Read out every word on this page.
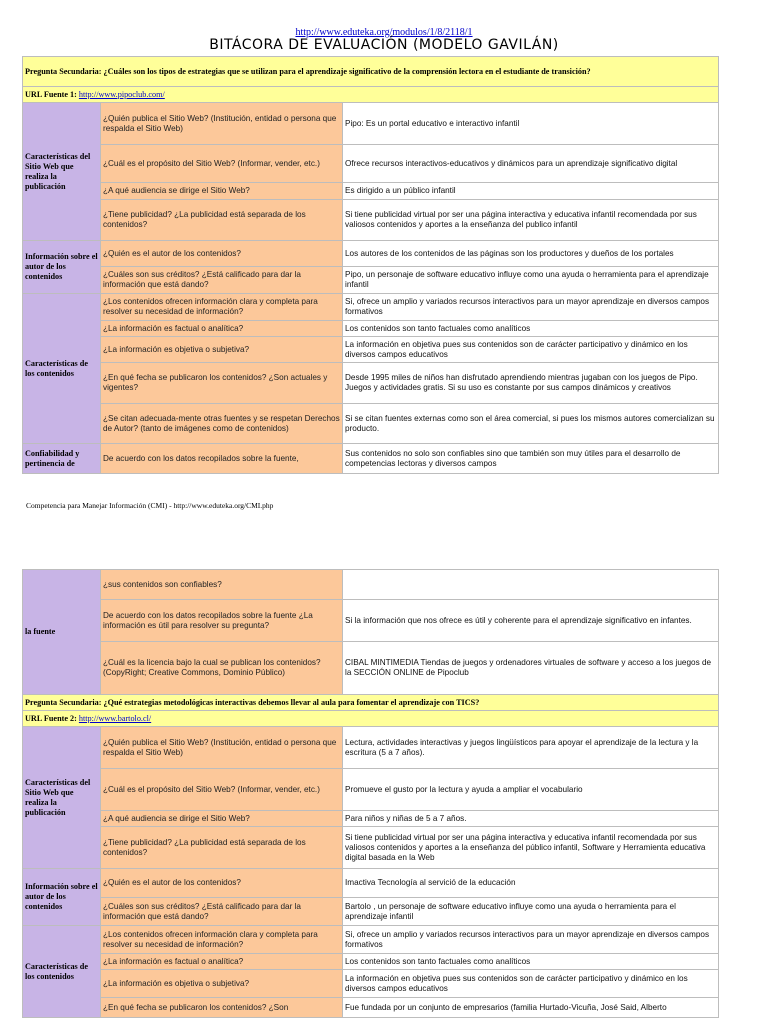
http://www.eduteka.org/modulos/1/8/2118/1
BITÁCORA DE EVALUACIÓN (MODELO GAVILÁN)
Pregunta Secundaria: ¿Cuáles son los tipos de estrategias que se utilizan para el aprendizaje significativo de la comprensión lectora en el estudiante de transición?		
URL Fuente 1: http://www.pipoclub.com/		
Características del Sitio Web que realiza la publicación	¿Quién publica el Sitio Web? (Institución, entidad o persona que respalda el Sitio Web)	Pipo: Es un portal educativo e interactivo infantil
	¿Cuál es el propósito del Sitio Web? (Informar, vender, etc.)	Ofrece recursos interactivos-educativos y dinámicos para un aprendizaje significativo digital
	¿A qué audiencia se dirige el Sitio Web?	Es dirigido a un público infantil
	¿Tiene publicidad? ¿La publicidad está separada de los contenidos?	Si tiene publicidad virtual por ser una página interactiva y educativa infantil recomendada por sus valiosos contenidos y aportes a la enseñanza del publico infantil
Información sobre el autor de los contenidos	¿Quién es el autor de los contenidos?	Los autores de los contenidos de las páginas son los productores y dueños de los portales
	¿Cuáles son sus créditos? ¿Está calificado para dar la información que está dando?	Pipo, un personaje de software educativo influye como una ayuda o herramienta para el aprendizaje infantil
Características de los contenidos	¿Los contenidos ofrecen información clara y completa para resolver su necesidad de información?	Si, ofrece un amplio y variados recursos interactivos para un mayor aprendizaje en diversos campos formativos
	¿La información es factual o analítica?	Los contenidos son tanto factuales como analíticos
	¿La información es objetiva o subjetiva?	La información en objetiva pues sus contenidos son de carácter participativo y dinámico en los diversos campos educativos
	¿En qué fecha se publicaron los contenidos? ¿Son actuales y vigentes?	Desde 1995 miles de niños han disfrutado aprendiendo mientras jugaban con los juegos de Pipo. Juegos y actividades gratis. Si su uso es constante por sus campos dinámicos y creativos
	¿Se citan adecuada-mente otras fuentes y se respetan Derechos de Autor? (tanto de imágenes como de contenidos)	Si se citan fuentes externas como son el área comercial, si pues los mismos autores comercializan su producto.
Confiabilidad y pertinencia de	De acuerdo con los datos recopilados sobre la fuente,	Sus contenidos no solo son confiables sino que también son muy útiles para el desarrollo de competencias lectoras y diversos campos
Competencia para Manejar Información (CMI) - http://www.eduteka.org/CMI.php
la fuente	¿sus contenidos son confiables?	
	De acuerdo con los datos recopilados sobre la fuente ¿La información es útil para resolver su pregunta?	Si la información que nos ofrece es útil y coherente para el aprendizaje significativo en infantes.
	¿Cuál es la licencia bajo la cual se publican los contenidos? (CopyRight; Creative Commons, Dominio Público)	CIBAL MINTIMEDIA Tiendas de juegos y ordenadores virtuales de software y acceso a los juegos de la SECCIÓN ONLINE de Pipoclub
Pregunta Secundaria: ¿Qué estrategias metodológicas interactivas debemos llevar al aula para fomentar el aprendizaje con TICS?		
URL Fuente 2: http://www.bartolo.cl/		
Características del Sitio Web que realiza la publicación	¿Quién publica el Sitio Web? (Institución, entidad o persona que respalda el Sitio Web)	Lectura, actividades interactivas y juegos lingüísticos para apoyar el aprendizaje de la lectura y la escritura (5 a 7 años).
	¿Cuál es el propósito del Sitio Web? (Informar, vender, etc.)	Promueve el gusto por la lectura y ayuda a ampliar el vocabulario
	¿A qué audiencia se dirige el Sitio Web?	Para niños y niñas de 5 a 7 años.
	¿Tiene publicidad? ¿La publicidad está separada de los contenidos?	Si tiene publicidad virtual por ser una página interactiva y educativa infantil recomendada por sus valiosos contenidos y aportes a la enseñanza del público infantil, Software y Herramienta educativa digital basada en la Web
Información sobre el autor de los contenidos	¿Quién es el autor de los contenidos?	Imactiva Tecnología al servició de la educación
	¿Cuáles son sus créditos? ¿Está calificado para dar la información que está dando?	Bartolo , un personaje de software educativo influye como una ayuda o herramienta para el aprendizaje infantil
Características de los contenidos	¿Los contenidos ofrecen información clara y completa para resolver su necesidad de información?	Si, ofrece un amplio y variados recursos interactivos para un mayor aprendizaje en diversos campos formativos
	¿La información es factual o analítica?	Los contenidos son tanto factuales como analíticos
	¿La información es objetiva o subjetiva?	La información en objetiva pues sus contenidos son de carácter participativo y dinámico en los diversos campos educativos
	¿En qué fecha se publicaron los contenidos? ¿Son	Fue fundada por un conjunto de empresarios (familia Hurtado-Vicuña, José Said, Alberto
